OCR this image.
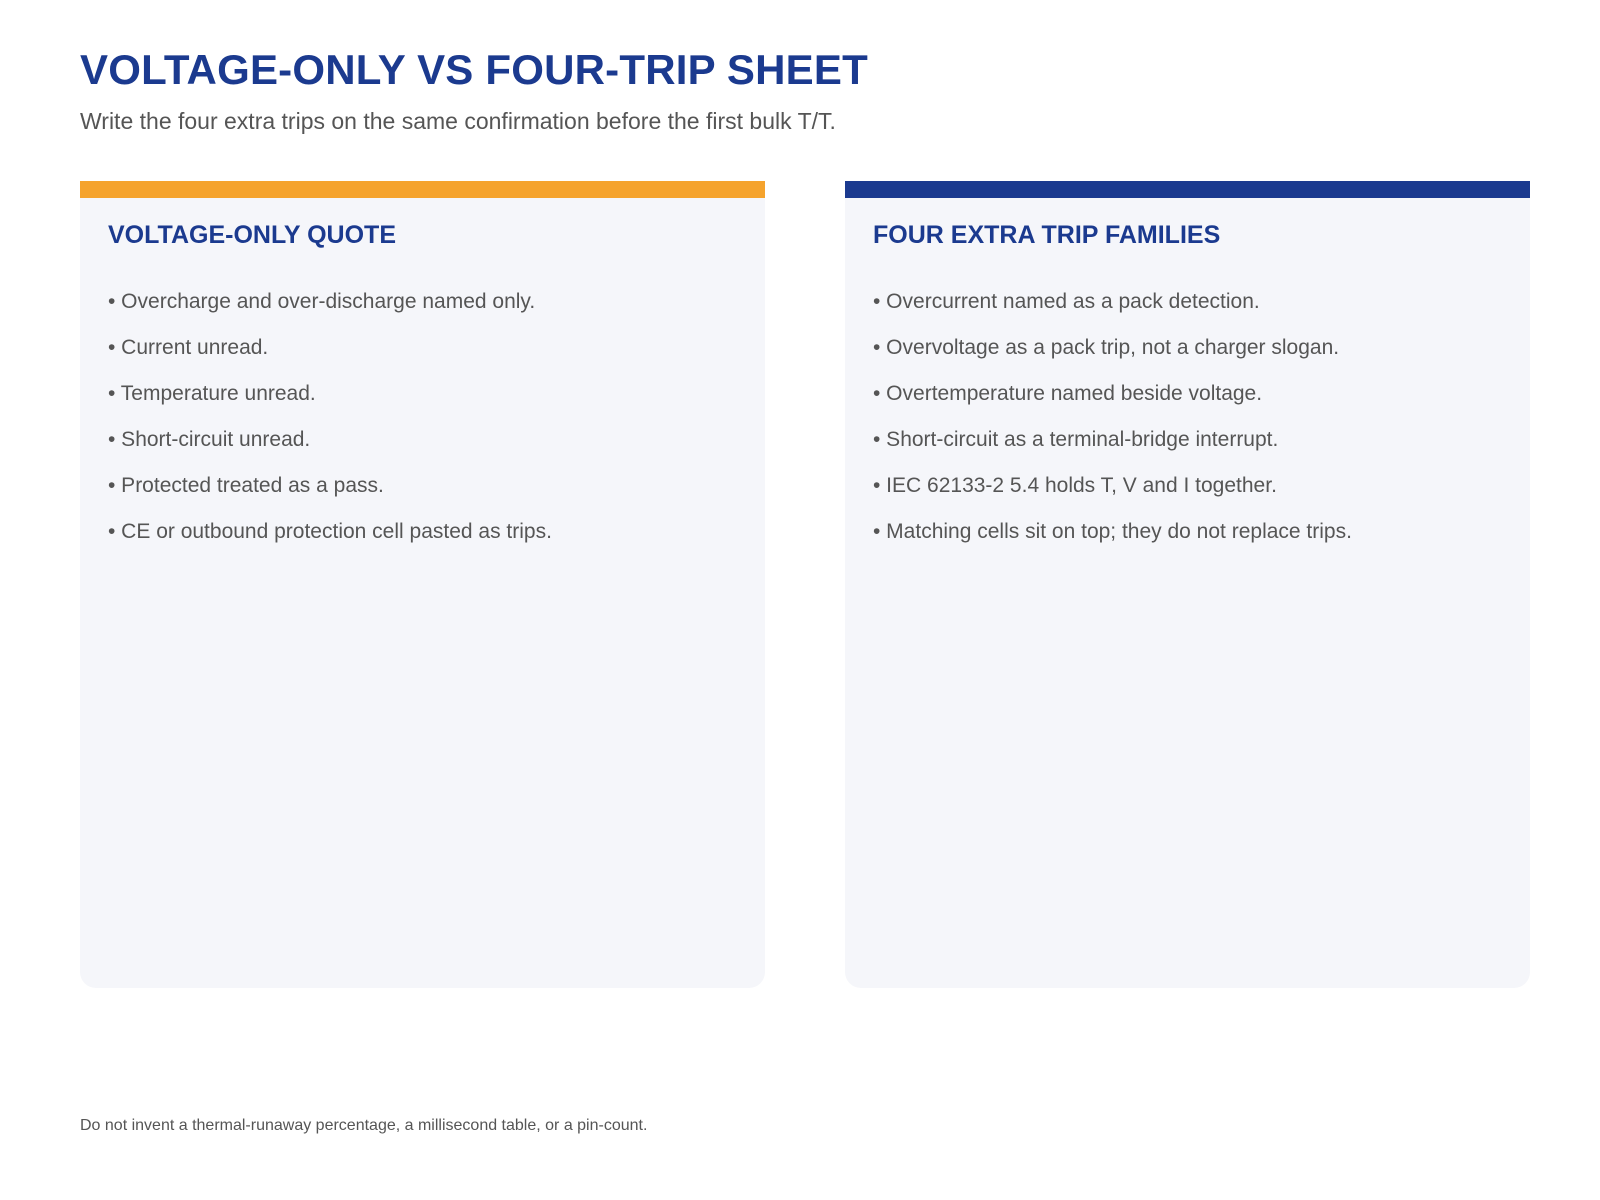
VOLTAGE-ONLY VS FOUR-TRIP SHEET

Write the four extra trips on the same confirmation before the first bulk T/T.

VOLTAGE-ONLY QUOTE
• Overcharge and over-discharge named only.
• Current unread.
• Temperature unread.
• Short-circuit unread.
• Protected treated as a pass.
• CE or outbound protection cell pasted as trips.
FOUR EXTRA TRIP FAMILIES
• Overcurrent named as a pack detection.
• Overvoltage as a pack trip, not a charger slogan.
• Overtemperature named beside voltage.
• Short-circuit as a terminal-bridge interrupt.
• IEC 62133-2 5.4 holds T, V and I together.
• Matching cells sit on top; they do not replace trips.

Do not invent a thermal-runaway percentage, a millisecond table, or a pin-count.
